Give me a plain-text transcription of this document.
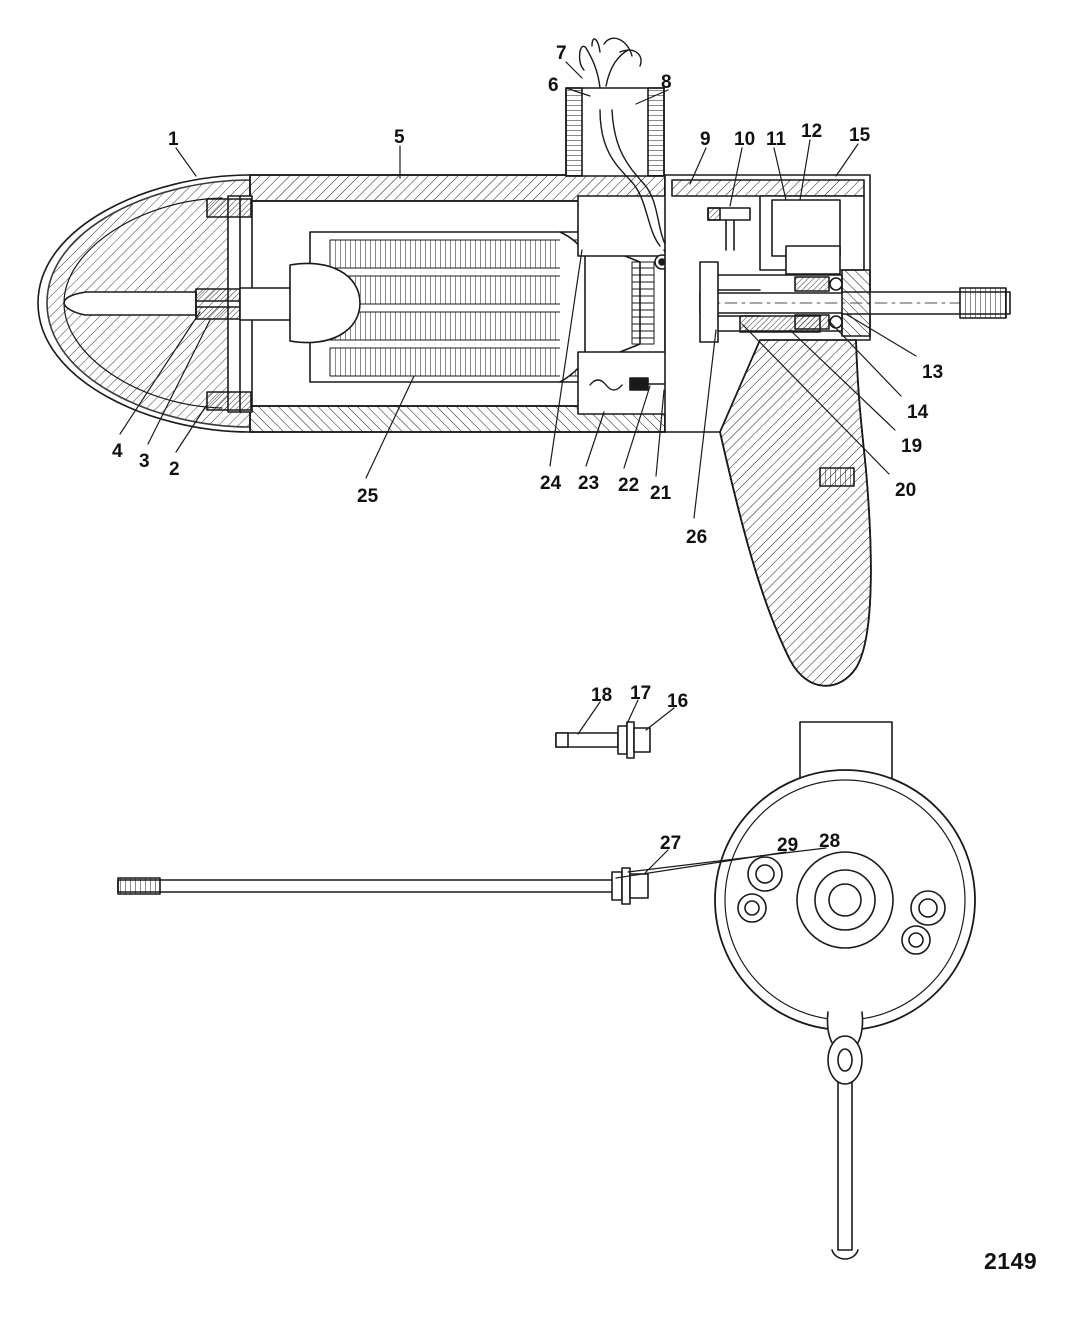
1	5
7
6	8
9 10 11 12 15
13
14
19
20
26
21
22
23
24
25
2
3
4
18 17 16
29 28
27
2149
